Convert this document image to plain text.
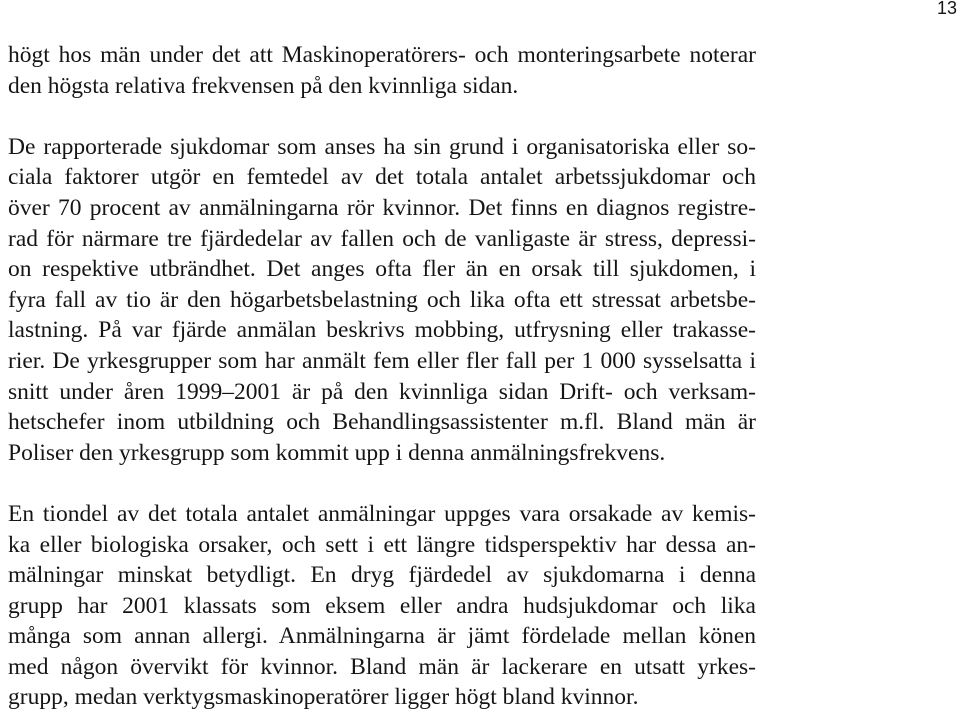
13
högt hos män under det att Maskinoperatörers- och monteringsarbete noterar
den högsta relativa frekvensen på den kvinnliga sidan.
De rapporterade sjukdomar som anses ha sin grund i organisatoriska eller so-
ciala faktorer utgör en femtedel av det totala antalet arbetssjukdomar och
över 70 procent av anmälningarna rör kvinnor. Det finns en diagnos registre-
rad för närmare tre fjärdedelar av fallen och de vanligaste är stress, depressi-
on respektive utbrändhet. Det anges ofta fler än en orsak till sjukdomen, i
fyra fall av tio är den högarbetsbelastning och lika ofta ett stressat arbetsbe-
lastning. På var fjärde anmälan beskrivs mobbing, utfrysning eller trakasse-
rier. De yrkesgrupper som har anmält fem eller fler fall per 1 000 sysselsatta i
snitt under åren 1999–2001 är på den kvinnliga sidan Drift- och verksam-
hetschefer inom utbildning och Behandlingsassistenter m.fl. Bland män är
Poliser den yrkesgrupp som kommit upp i denna anmälningsfrekvens.
En tiondel av det totala antalet anmälningar uppges vara orsakade av kemis-
ka eller biologiska orsaker, och sett i ett längre tidsperspektiv har dessa an-
mälningar minskat betydligt. En dryg fjärdedel av sjukdomarna i denna
grupp har 2001 klassats som eksem eller andra hudsjukdomar och lika
många som annan allergi. Anmälningarna är jämt fördelade mellan könen
med någon övervikt för kvinnor. Bland män är lackerare en utsatt yrkes-
grupp, medan verktygsmaskinoperatörer ligger högt bland kvinnor.
